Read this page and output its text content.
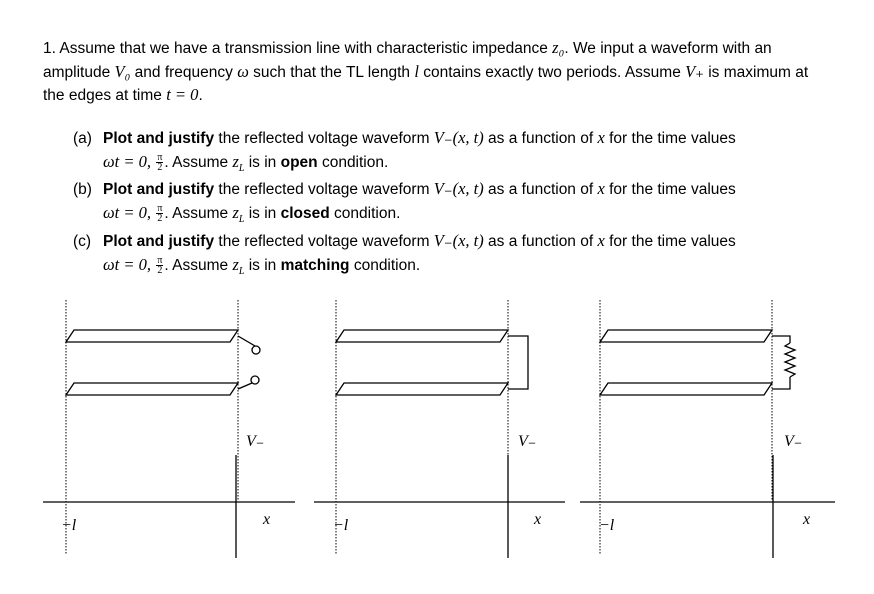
1. Assume that we have a transmission line with characteristic impedance z₀. We input a waveform with an amplitude V₀ and frequency ω such that the TL length l contains exactly two periods. Assume V₊ is maximum at the edges at time t = 0.
(a) Plot and justify the reflected voltage waveform V₋(x, t) as a function of x for the time values
ωt = 0, $\frac{\pi}{2}$ . Assume $z_L$ is in open condition.
(b) Plot and justify the reflected voltage waveform V₋(x, t) as a function of x for the time values
ωt = 0, $\frac{\pi}{2}$ . Assume $z_L$ is in closed condition.
(c) Plot and justify the reflected voltage waveform V₋(x, t) as a function of x for the time values
ωt = 0, $\frac{\pi}{2}$ . Assume $z_L$ is in matching condition.
V₋
x
−l
V₋
x
−l
V₋
x
−l
